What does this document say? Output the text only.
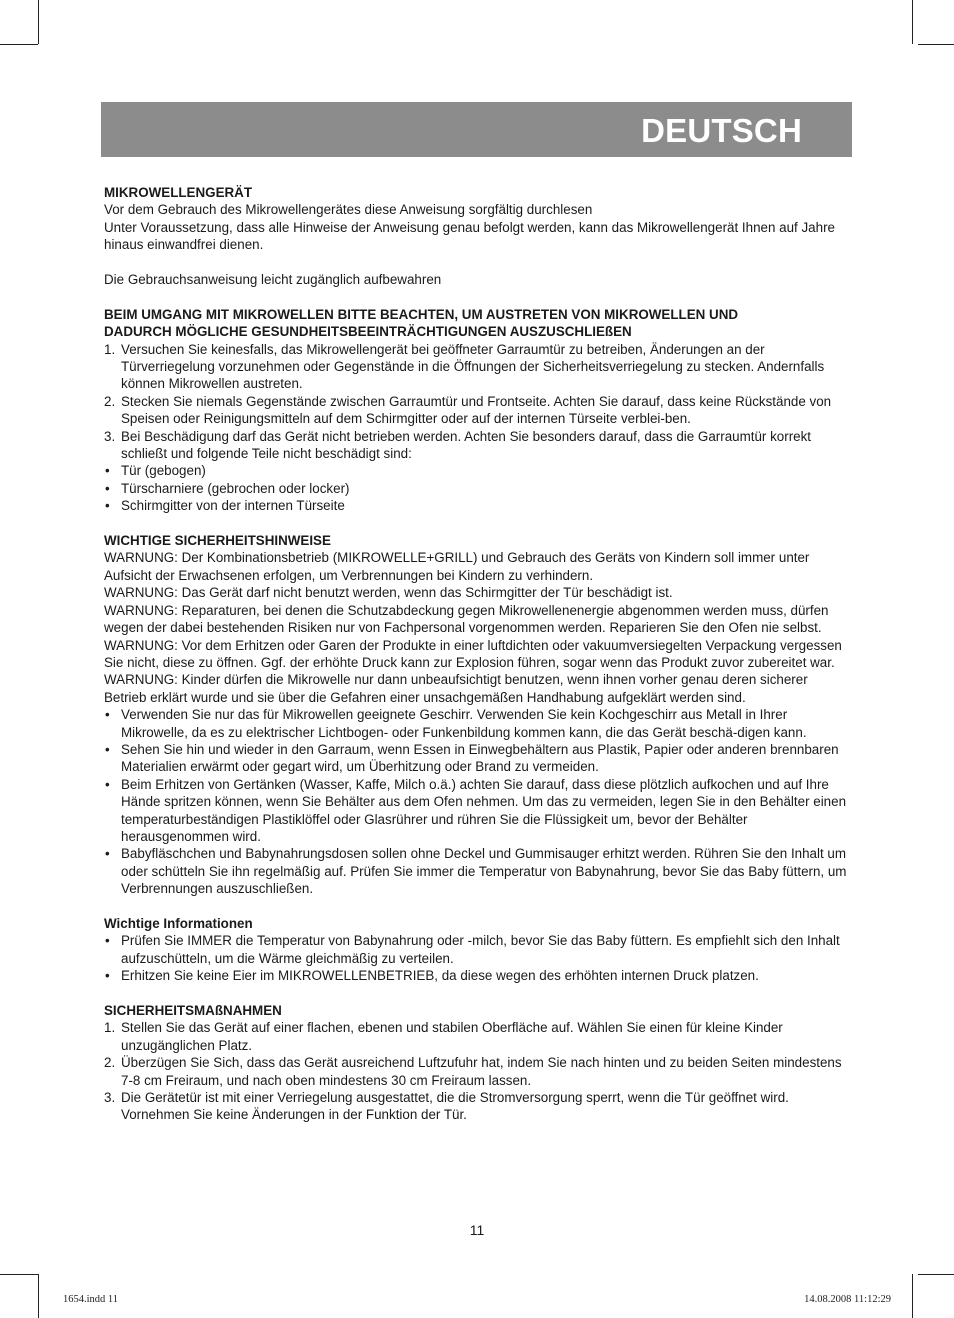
DEUTSCH

MIKROWELLENGERÄT

Vor dem Gebrauch des Mikrowellengerätes diese Anweisung sorgfältig durchlesen

Unter Voraussetzung, dass alle Hinweise der Anweisung genau befolgt werden, kann das Mikrowellengerät Ihnen auf Jahre hinaus einwandfrei dienen.

Die Gebrauchsanweisung leicht zugänglich aufbewahren

BEIM UMGANG MIT MIKROWELLEN BITTE BEACHTEN, UM AUSTRETEN VON MIKROWELLEN UND
DADURCH MÖGLICHE GESUNDHEITSBEEINTRÄCHTIGUNGEN AUSZUSCHLIEßEN

1. Versuchen Sie keinesfalls, das Mikrowellengerät bei geöffneter Garraumtür zu betreiben, Änderungen an der Türverriegelung vorzunehmen oder Gegenstände in die Öffnungen der Sicherheitsverriegelung zu stecken. Andernfalls können Mikrowellen austreten.
2. Stecken Sie niemals Gegenstände zwischen Garraumtür und Frontseite. Achten Sie darauf, dass keine Rückstände von Speisen oder Reinigungsmitteln auf dem Schirmgitter oder auf der internen Türseite verblei-ben.
3. Bei Beschädigung darf das Gerät nicht betrieben werden. Achten Sie besonders darauf, dass die Garraumtür korrekt schließt und folgende Teile nicht beschädigt sind:
• Tür (gebogen)
• Türscharniere (gebrochen oder locker)
• Schirmgitter von der internen Türseite

WICHTIGE SICHERHEITSHINWEISE

WARNUNG: Der Kombinationsbetrieb (MIKROWELLE+GRILL) und Gebrauch des Geräts von Kindern soll immer unter Aufsicht der Erwachsenen erfolgen, um Verbrennungen bei Kindern zu verhindern.

WARNUNG: Das Gerät darf nicht benutzt werden, wenn das Schirmgitter der Tür beschädigt ist.

WARNUNG: Reparaturen, bei denen die Schutzabdeckung gegen Mikrowellenenergie abgenommen werden muss, dürfen wegen der dabei bestehenden Risiken nur von Fachpersonal vorgenommen werden. Reparieren Sie den Ofen nie selbst.

WARNUNG: Vor dem Erhitzen oder Garen der Produkte in einer luftdichten oder vakuumversiegelten Verpackung vergessen Sie nicht, diese zu öffnen. Ggf. der erhöhte Druck kann zur Explosion führen, sogar wenn das Produkt zuvor zubereitet war.

WARNUNG: Kinder dürfen die Mikrowelle nur dann unbeaufsichtigt benutzen, wenn ihnen vorher genau deren sicherer Betrieb erklärt wurde und sie über die Gefahren einer unsachgemäßen Handhabung aufgeklärt werden sind.

• Verwenden Sie nur das für Mikrowellen geeignete Geschirr. Verwenden Sie kein Kochgeschirr aus Metall in Ihrer Mikrowelle, da es zu elektrischer Lichtbogen- oder Funkenbildung kommen kann, die das Gerät beschä-digen kann.
• Sehen Sie hin und wieder in den Garraum, wenn Essen in Einwegbehältern aus Plastik, Papier oder anderen brennbaren Materialien erwärmt oder gegart wird, um Überhitzung oder Brand zu vermeiden.
• Beim Erhitzen von Gertänken (Wasser, Kaffe, Milch o.ä.) achten Sie darauf, dass diese plötzlich aufkochen und auf Ihre Hände spritzen können, wenn Sie Behälter aus dem Ofen nehmen. Um das zu vermeiden, legen Sie in den Behälter einen temperaturbeständigen Plastiklöffel oder Glasrührer und rühren Sie die Flüssigkeit um, bevor der Behälter herausgenommen wird.
• Babyfläschchen und Babynahrungsdosen sollen ohne Deckel und Gummisauger erhitzt werden. Rühren Sie den Inhalt um oder schütteln Sie ihn regelmäßig auf. Prüfen Sie immer die Temperatur von Babynahrung, bevor Sie das Baby füttern, um Verbrennungen auszuschließen.

Wichtige Informationen

• Prüfen Sie IMMER die Temperatur von Babynahrung oder -milch, bevor Sie das Baby füttern. Es empfiehlt sich den Inhalt aufzuschütteln, um die Wärme gleichmäßig zu verteilen.
• Erhitzen Sie keine Eier im MIKROWELLENBETRIEB, da diese wegen des erhöhten internen Druck platzen.

SICHERHEITSMAßNAHMEN

1. Stellen Sie das Gerät auf einer flachen, ebenen und stabilen Oberfläche auf. Wählen Sie einen für kleine Kinder unzugänglichen Platz.
2. Überzügen Sie Sich, dass das Gerät ausreichend Luftzufuhr hat, indem Sie nach hinten und zu beiden Seiten mindestens 7-8 cm Freiraum, und nach oben mindestens 30 cm Freiraum lassen.
3. Die Gerätetür ist mit einer Verriegelung ausgestattet, die die Stromversorgung sperrt, wenn die Tür geöffnet wird. Vornehmen Sie keine Änderungen in der Funktion der Tür.
11
1654.indd 11	14.08.2008 11:12:29
